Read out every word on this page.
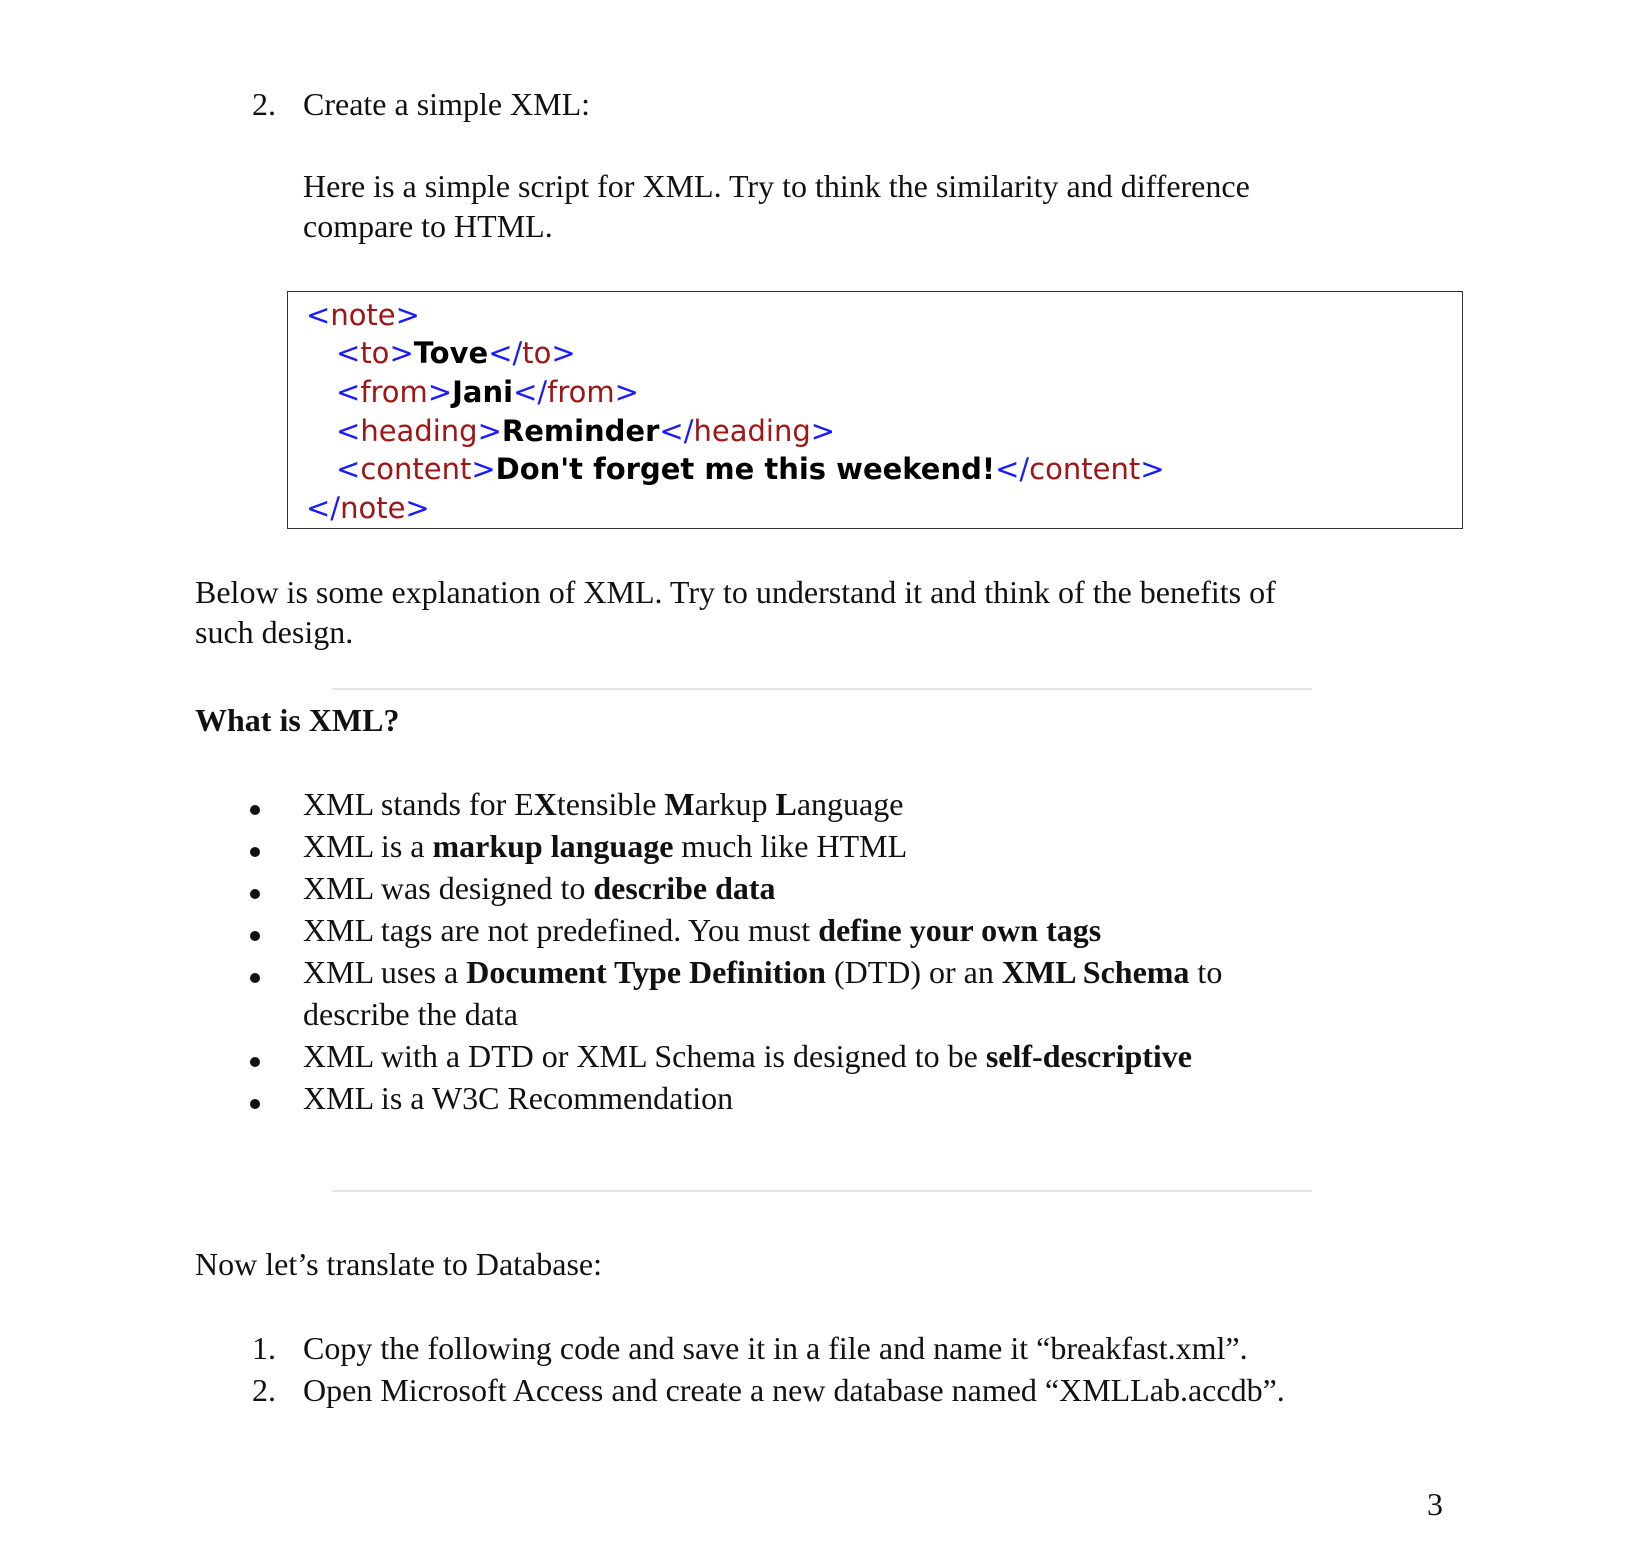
2. Create a simple XML:
Here is a simple script for XML. Try to think the similarity and difference
compare to HTML.
<note>
<to>Tove</to>
<from>Jani</from>
<heading>Reminder</heading>
<content>Don't forget me this weekend!</content>
</note>
Below is some explanation of XML. Try to understand it and think of the benefits of
such design.
What is XML?
XML stands for EXtensible Markup Language
XML is a markup language much like HTML
XML was designed to describe data
XML tags are not predefined. You must define your own tags
XML uses a Document Type Definition (DTD) or an XML Schema to
describe the data
XML with a DTD or XML Schema is designed to be self-descriptive
XML is a W3C Recommendation
Now let’s translate to Database:
1. Copy the following code and save it in a file and name it “breakfast.xml”.
2. Open Microsoft Access and create a new database named “XMLLab.accdb”.
3
